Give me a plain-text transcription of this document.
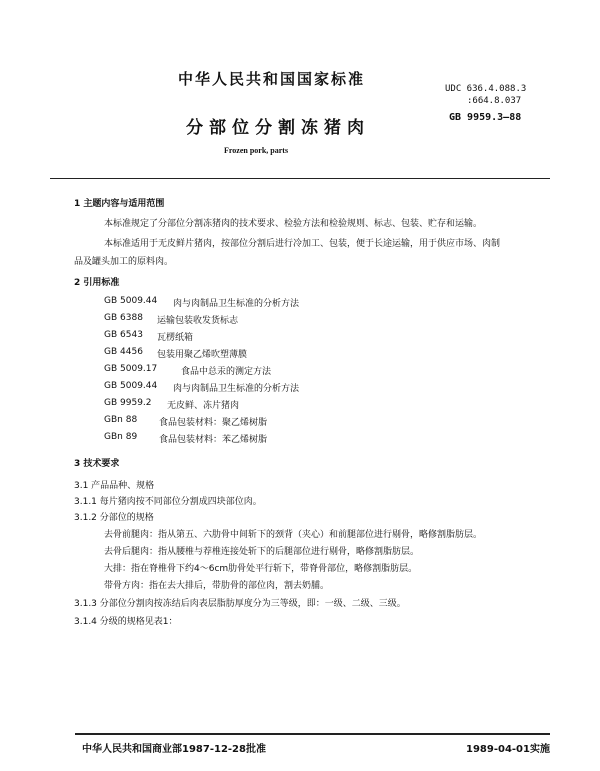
中华人民共和国国家标准
UDC 636.4.088.3
:664.8.037
分部位分割冻猪肉
GB 9959.3—88
Frozen pork, parts
1 主题内容与适用范围
本标准规定了分部位分割冻猪肉的技术要求、检验方法和检验规则、标志、包装、贮存和运输。
本标准适用于无皮鲜片猪肉，按部位分割后进行冷加工、包装，便于长途运输，用于供应市场、肉制
品及罐头加工的原料肉。
2 引用标准
GB 5009.44 肉与肉制品卫生标准的分析方法
GB 6388 运输包装收发货标志
GB 6543 瓦楞纸箱
GB 4456 包装用聚乙烯吹塑薄膜
GB 5009.17	食品中总汞的测定方法
GB 5009.44 肉与肉制品卫生标准的分析方法
GB 9959.2 无皮鲜、冻片猪肉
GBn 88 食品包装材料：聚乙烯树脂
GBn 89 食品包装材料：苯乙烯树脂
3 技术要求
3.1 产品品种、规格
3.1.1 每片猪肉按不同部位分割成四块部位肉。
3.1.2 分部位的规格
去骨前腿肉：指从第五、六肋骨中间斩下的颈背（夹心）和前腿部位进行剔骨，略修割脂肪层。
去骨后腿肉：指从腰椎与荐椎连接处斩下的后腿部位进行剔骨，略修割脂肪层。
大排：指在脊椎骨下约4～6cm肋骨处平行斩下，带脊骨部位，略修割脂肪层。
带骨方肉：指在去大排后，带肋骨的部位肉，割去奶脯。
3.1.3 分部位分割肉按冻结后肉表层脂肪厚度分为三等级，即：一级、二级、三级。
3.1.4 分级的规格见表1：
中华人民共和国商业部1987-12-28批准	1989-04-01实施
